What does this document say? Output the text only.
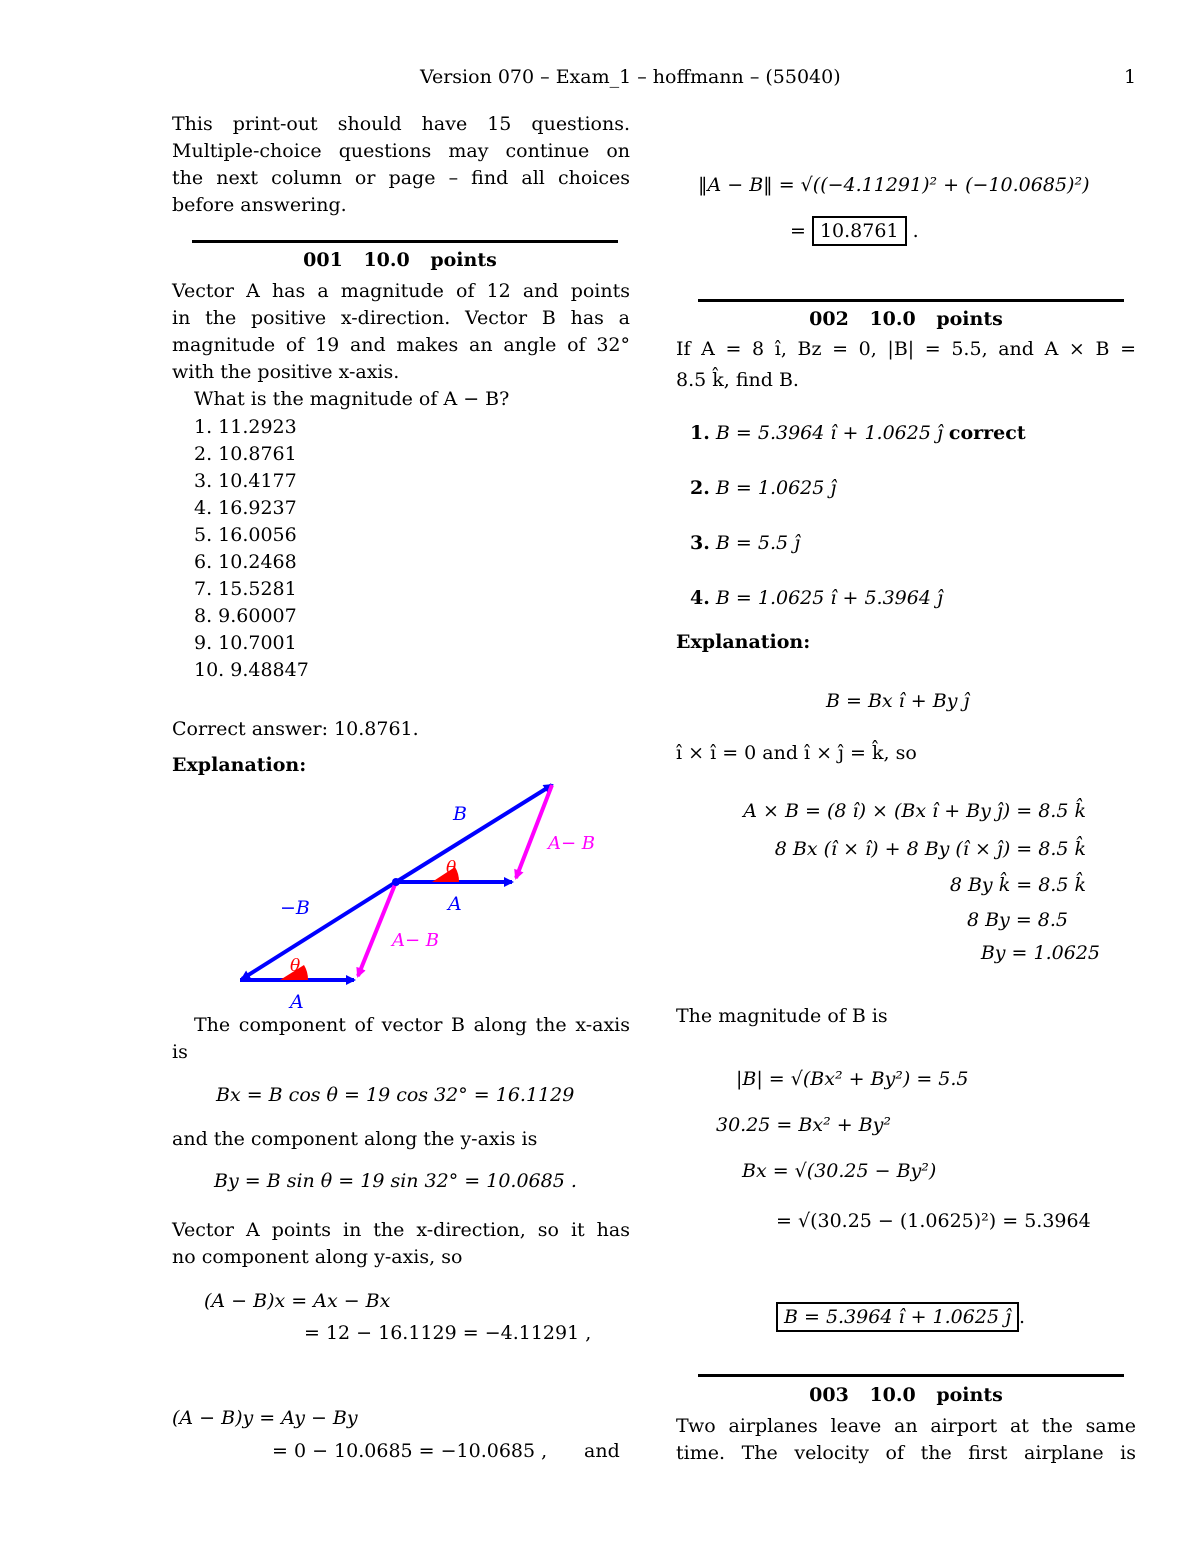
Version 070 – Exam_1 – hoffmann – (55040)	1
This print-out should have 15 questions.
Multiple-choice questions may continue on
the next column or page – find all choices
before answering.
001 10.0 points
Vector A has a magnitude of 12 and points
in the positive x-direction. Vector B has a
magnitude of 19 and makes an angle of 32°
with the positive x-axis.
What is the magnitude of A − B?
1. 11.2923
2. 10.8761
3. 10.4177
4. 16.9237
5. 16.0056
6. 10.2468
7. 15.5281
8. 9.60007
9. 10.7001
10. 9.48847
Correct answer: 10.8761.
Explanation:
θ
θ
B
A− B
−B	A
A− B
A
The component of vector B along the x-axis
is
Bx = B cos θ = 19 cos 32° = 16.1129
and the component along the y-axis is
By = B sin θ = 19 sin 32° = 10.0685 .
Vector A points in the x-direction, so it has
no component along y-axis, so
(A − B)x = Ax − Bx
= 12 − 16.1129 = −4.11291 ,
(A − B)y = Ay − By
= 0 − 10.0685 = −10.0685 , and
‖A − B‖ = √((−4.11291)² + (−10.0685)²)
= 10.8761 .
002 10.0 points
If A = 8 î, Bz = 0, |B| = 5.5, and A × B =
8.5 k̂, find B.
1. B = 5.3964 î + 1.0625 ĵ correct
2. B = 1.0625 ĵ
3. B = 5.5 ĵ
4. B = 1.0625 î + 5.3964 ĵ
Explanation:
B = Bx î + By ĵ
î × î = 0 and î × ĵ = k̂, so
A × B = (8 î) × (Bx î + By ĵ) = 8.5 k̂
8 Bx (î × î) + 8 By (î × ĵ) = 8.5 k̂
8 By k̂ = 8.5 k̂
8 By = 8.5
By = 1.0625
The magnitude of B is
|B| = √(Bx² + By²) = 5.5
30.25 = Bx² + By²
Bx = √(30.25 − By²)
= √(30.25 − (1.0625)²) = 5.3964
B = 5.3964 î + 1.0625 ĵ .
003 10.0 points
Two airplanes leave an airport at the same
time. The velocity of the first airplane is
